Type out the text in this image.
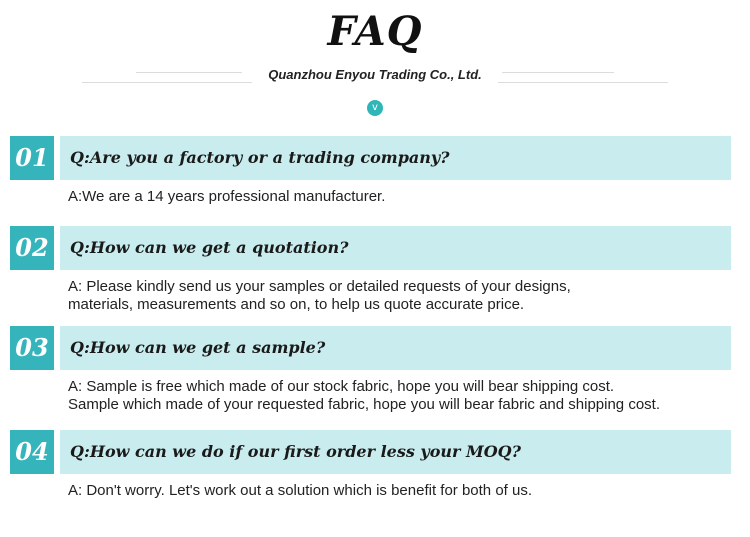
FAQ
Quanzhou Enyou Trading Co., Ltd.
v
01	Q:Are you a factory or a trading company?
A:We are a 14 years professional manufacturer.
02	Q:How can we get a quotation?
A: Please kindly send us your samples or detailed requests of your designs,
materials, measurements and so on, to help us quote accurate price.
03	Q:How can we get a sample?
A: Sample is free which made of our stock fabric, hope you will bear shipping cost.
Sample which made of your requested fabric, hope you will bear fabric and shipping cost.
04	Q:How can we do if our first order less your MOQ?
A: Don't worry. Let's work out a solution which is benefit for both of us.
